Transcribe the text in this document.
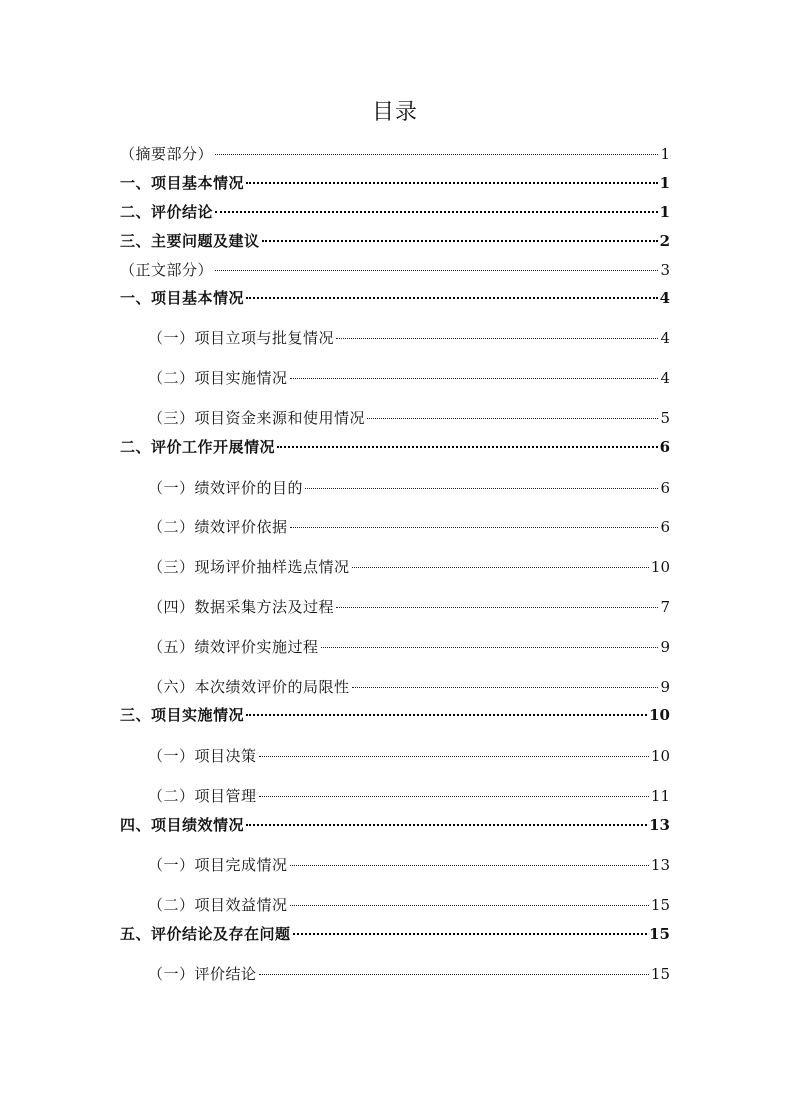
目录
（摘要部分）	1
一、项目基本情况	1
二、评价结论	1
三、主要问题及建议	2
（正文部分）	3
一、项目基本情况	4
（一）项目立项与批复情况	4
（二）项目实施情况	4
（三）项目资金来源和使用情况	5
二、评价工作开展情况	6
（一）绩效评价的目的	6
（二）绩效评价依据	6
（三）现场评价抽样选点情况	10
（四）数据采集方法及过程	7
（五）绩效评价实施过程	9
（六）本次绩效评价的局限性	9
三、项目实施情况	10
（一）项目决策	10
（二）项目管理	11
四、项目绩效情况	13
（一）项目完成情况	13
（二）项目效益情况	15
五、评价结论及存在问题	15
（一）评价结论	15
